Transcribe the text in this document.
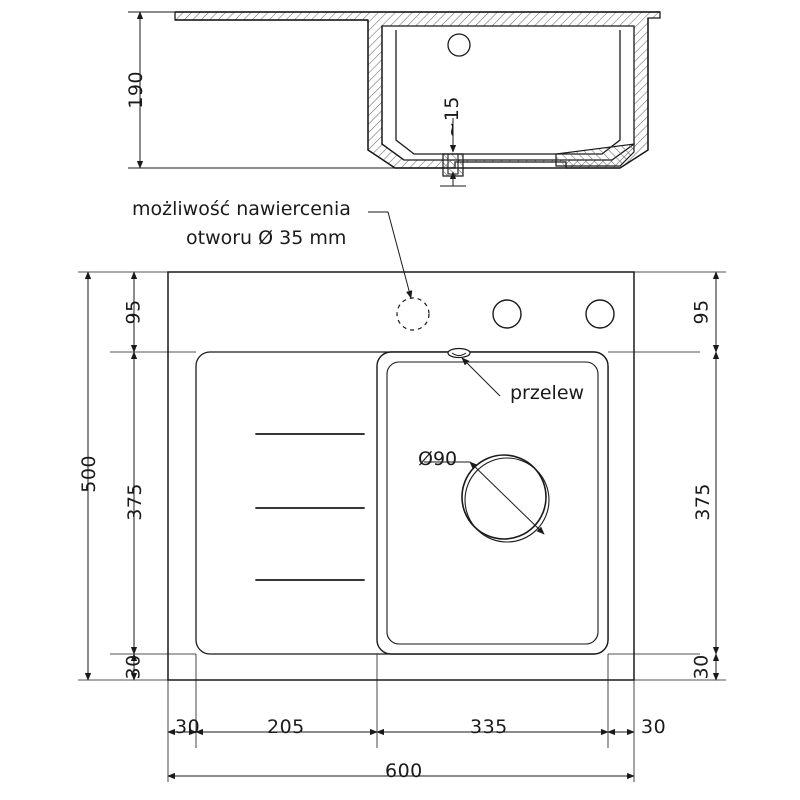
190
~15
możliwość nawiercenia
otworu Ø 35 mm
przelew
Ø90
95
375
30
500
95
375
30
30	205	335	30
600
